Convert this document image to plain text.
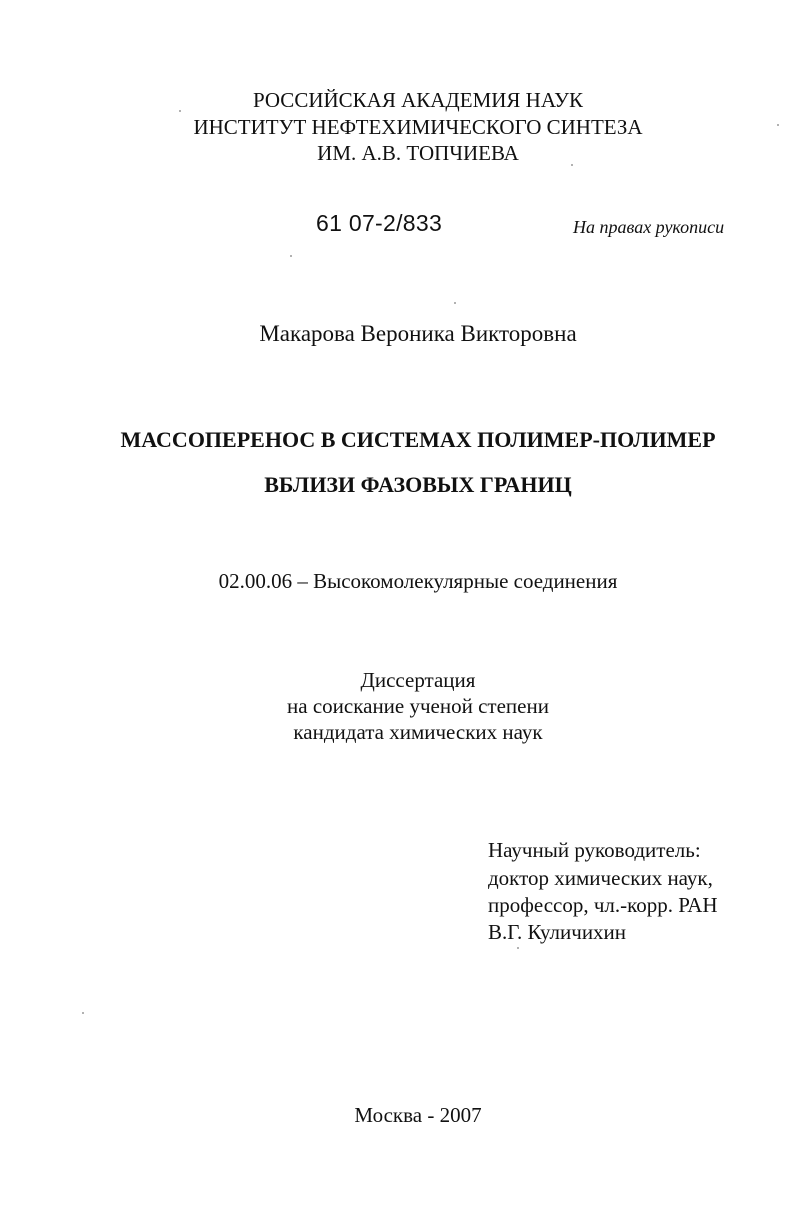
РОССИЙСКАЯ АКАДЕМИЯ НАУК
ИНСТИТУТ НЕФТЕХИМИЧЕСКОГО СИНТЕЗА
ИМ. А.В. ТОПЧИЕВА
61 07-2/833	На правах рукописи
Макарова Вероника Викторовна
МАССОПЕРЕНОС В СИСТЕМАХ ПОЛИМЕР-ПОЛИМЕР
ВБЛИЗИ ФАЗОВЫХ ГРАНИЦ
02.00.06 – Высокомолекулярные соединения
Диссертация
на соискание ученой степени
кандидата химических наук
Научный руководитель:
доктор химических наук,
профессор, чл.-корр. РАН
В.Г. Куличихин
Москва - 2007
